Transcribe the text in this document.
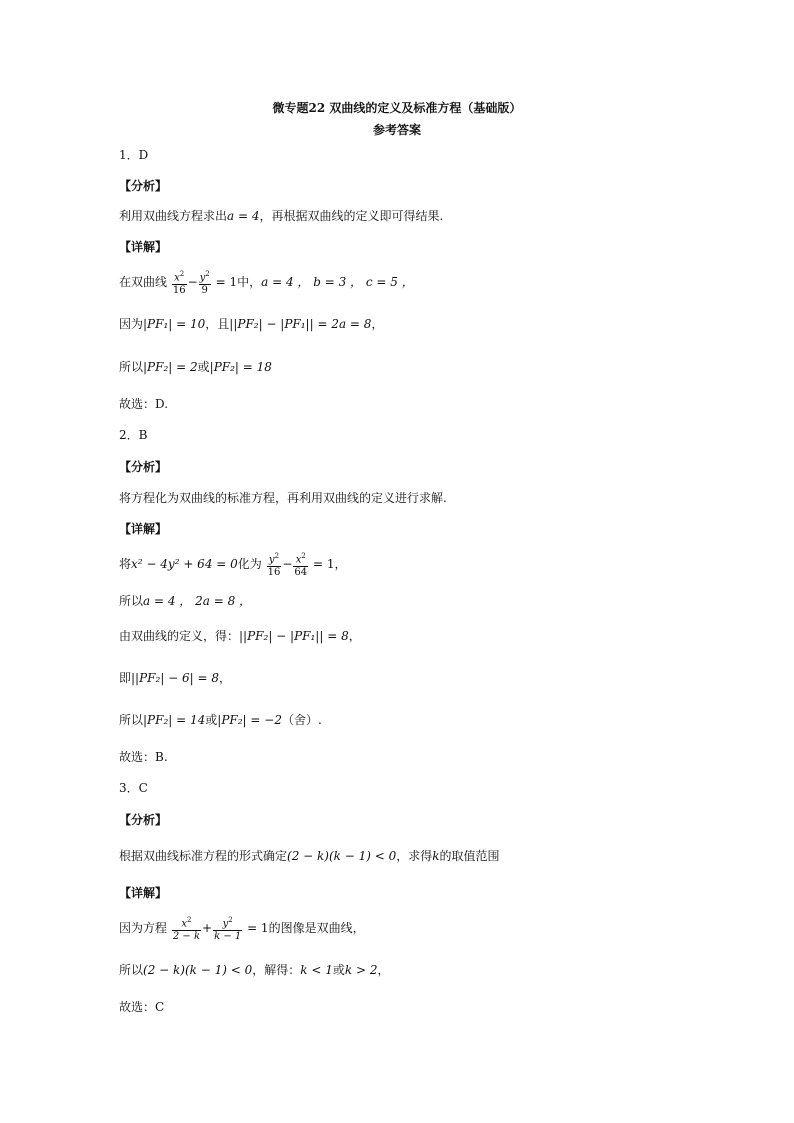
微专题22 双曲线的定义及标准方程（基础版）
参考答案
1．D
【分析】
利用双曲线方程求出a = 4，再根据双曲线的定义即可得结果.
【详解】
在双曲线 $\frac{x^2}{16} - \frac{y^2}{9} = 1$中，a = 4 ， b = 3 ， c = 5 ，
因为|PF₁| = 10，且||PF₂| − |PF₁|| = 2a = 8，
所以|PF₂| = 2或|PF₂| = 18
故选：D.
2．B
【分析】
将方程化为双曲线的标准方程，再利用双曲线的定义进行求解.
【详解】
将x² − 4y² + 64 = 0化为 $\frac{y^2}{16} - \frac{x^2}{64} = 1$，
所以a = 4 ， 2a = 8 ，
由双曲线的定义，得：||PF₂| − |PF₁|| = 8，
即||PF₂| − 6| = 8，
所以|PF₂| = 14或|PF₂| = −2（舍）.
故选：B.
3．C
【分析】
根据双曲线标准方程的形式确定(2 − k)(k − 1) < 0，求得k的取值范围
【详解】
因为方程 $\frac{x^2}{2 - k} + \frac{y^2}{k - 1} = 1$的图像是双曲线，
所以(2 − k)(k − 1) < 0，解得：k < 1或k > 2，
故选：C
